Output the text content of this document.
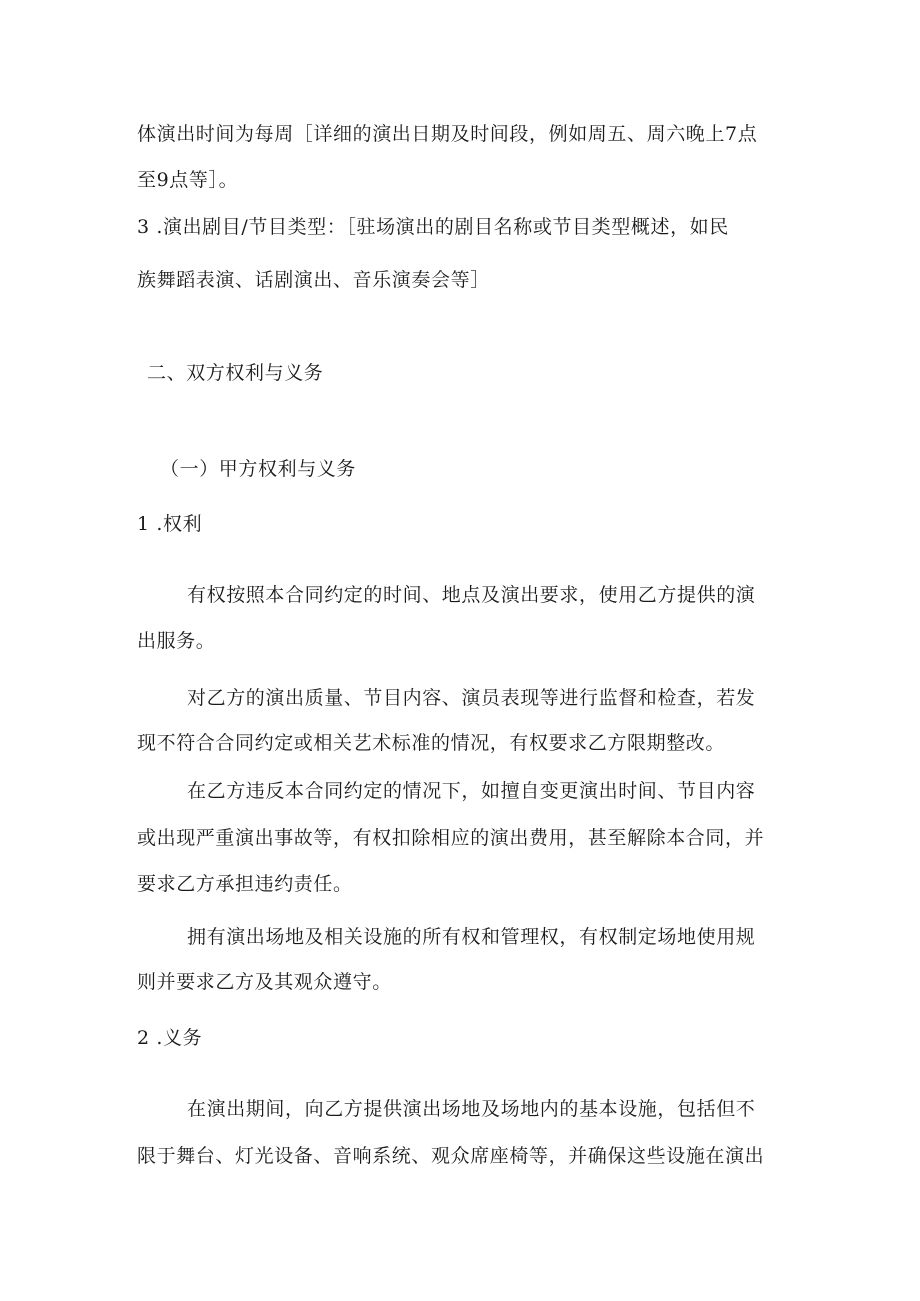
体演出时间为每周［详细的演出日期及时间段，例如周五、周六晚上7点
至9点等］。
3 .演出剧目/节目类型：［驻场演出的剧目名称或节目类型概述，如民
族舞蹈表演、话剧演出、音乐演奏会等］
二、双方权利与义务
（一）甲方权利与义务
1 .权利
有权按照本合同约定的时间、地点及演出要求，使用乙方提供的演
出服务。
对乙方的演出质量、节目内容、演员表现等进行监督和检查，若发
现不符合合同约定或相关艺术标准的情况，有权要求乙方限期整改。
在乙方违反本合同约定的情况下，如擅自变更演出时间、节目内容
或出现严重演出事故等，有权扣除相应的演出费用，甚至解除本合同，并
要求乙方承担违约责任。
拥有演出场地及相关设施的所有权和管理权，有权制定场地使用规
则并要求乙方及其观众遵守。
2 .义务
在演出期间，向乙方提供演出场地及场地内的基本设施，包括但不
限于舞台、灯光设备、音响系统、观众席座椅等，并确保这些设施在演出
